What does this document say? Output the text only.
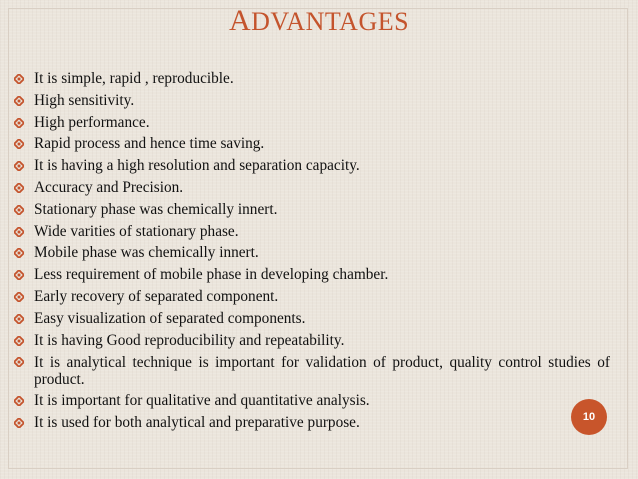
ADVANTAGES
It is simple, rapid , reproducible.
High sensitivity.
High performance.
Rapid process and hence time saving.
It is having a high resolution and separation capacity.
Accuracy and Precision.
Stationary phase was chemically innert.
Wide varities of stationary phase.
Mobile phase was chemically innert.
Less requirement of mobile phase in developing chamber.
Early recovery of separated component.
Easy visualization of separated components.
It is having Good reproducibility and repeatability.
It is analytical technique is important for validation of product, quality control studies of product.
It is important for qualitative and quantitative analysis.
It is used for both analytical and preparative purpose.	10
